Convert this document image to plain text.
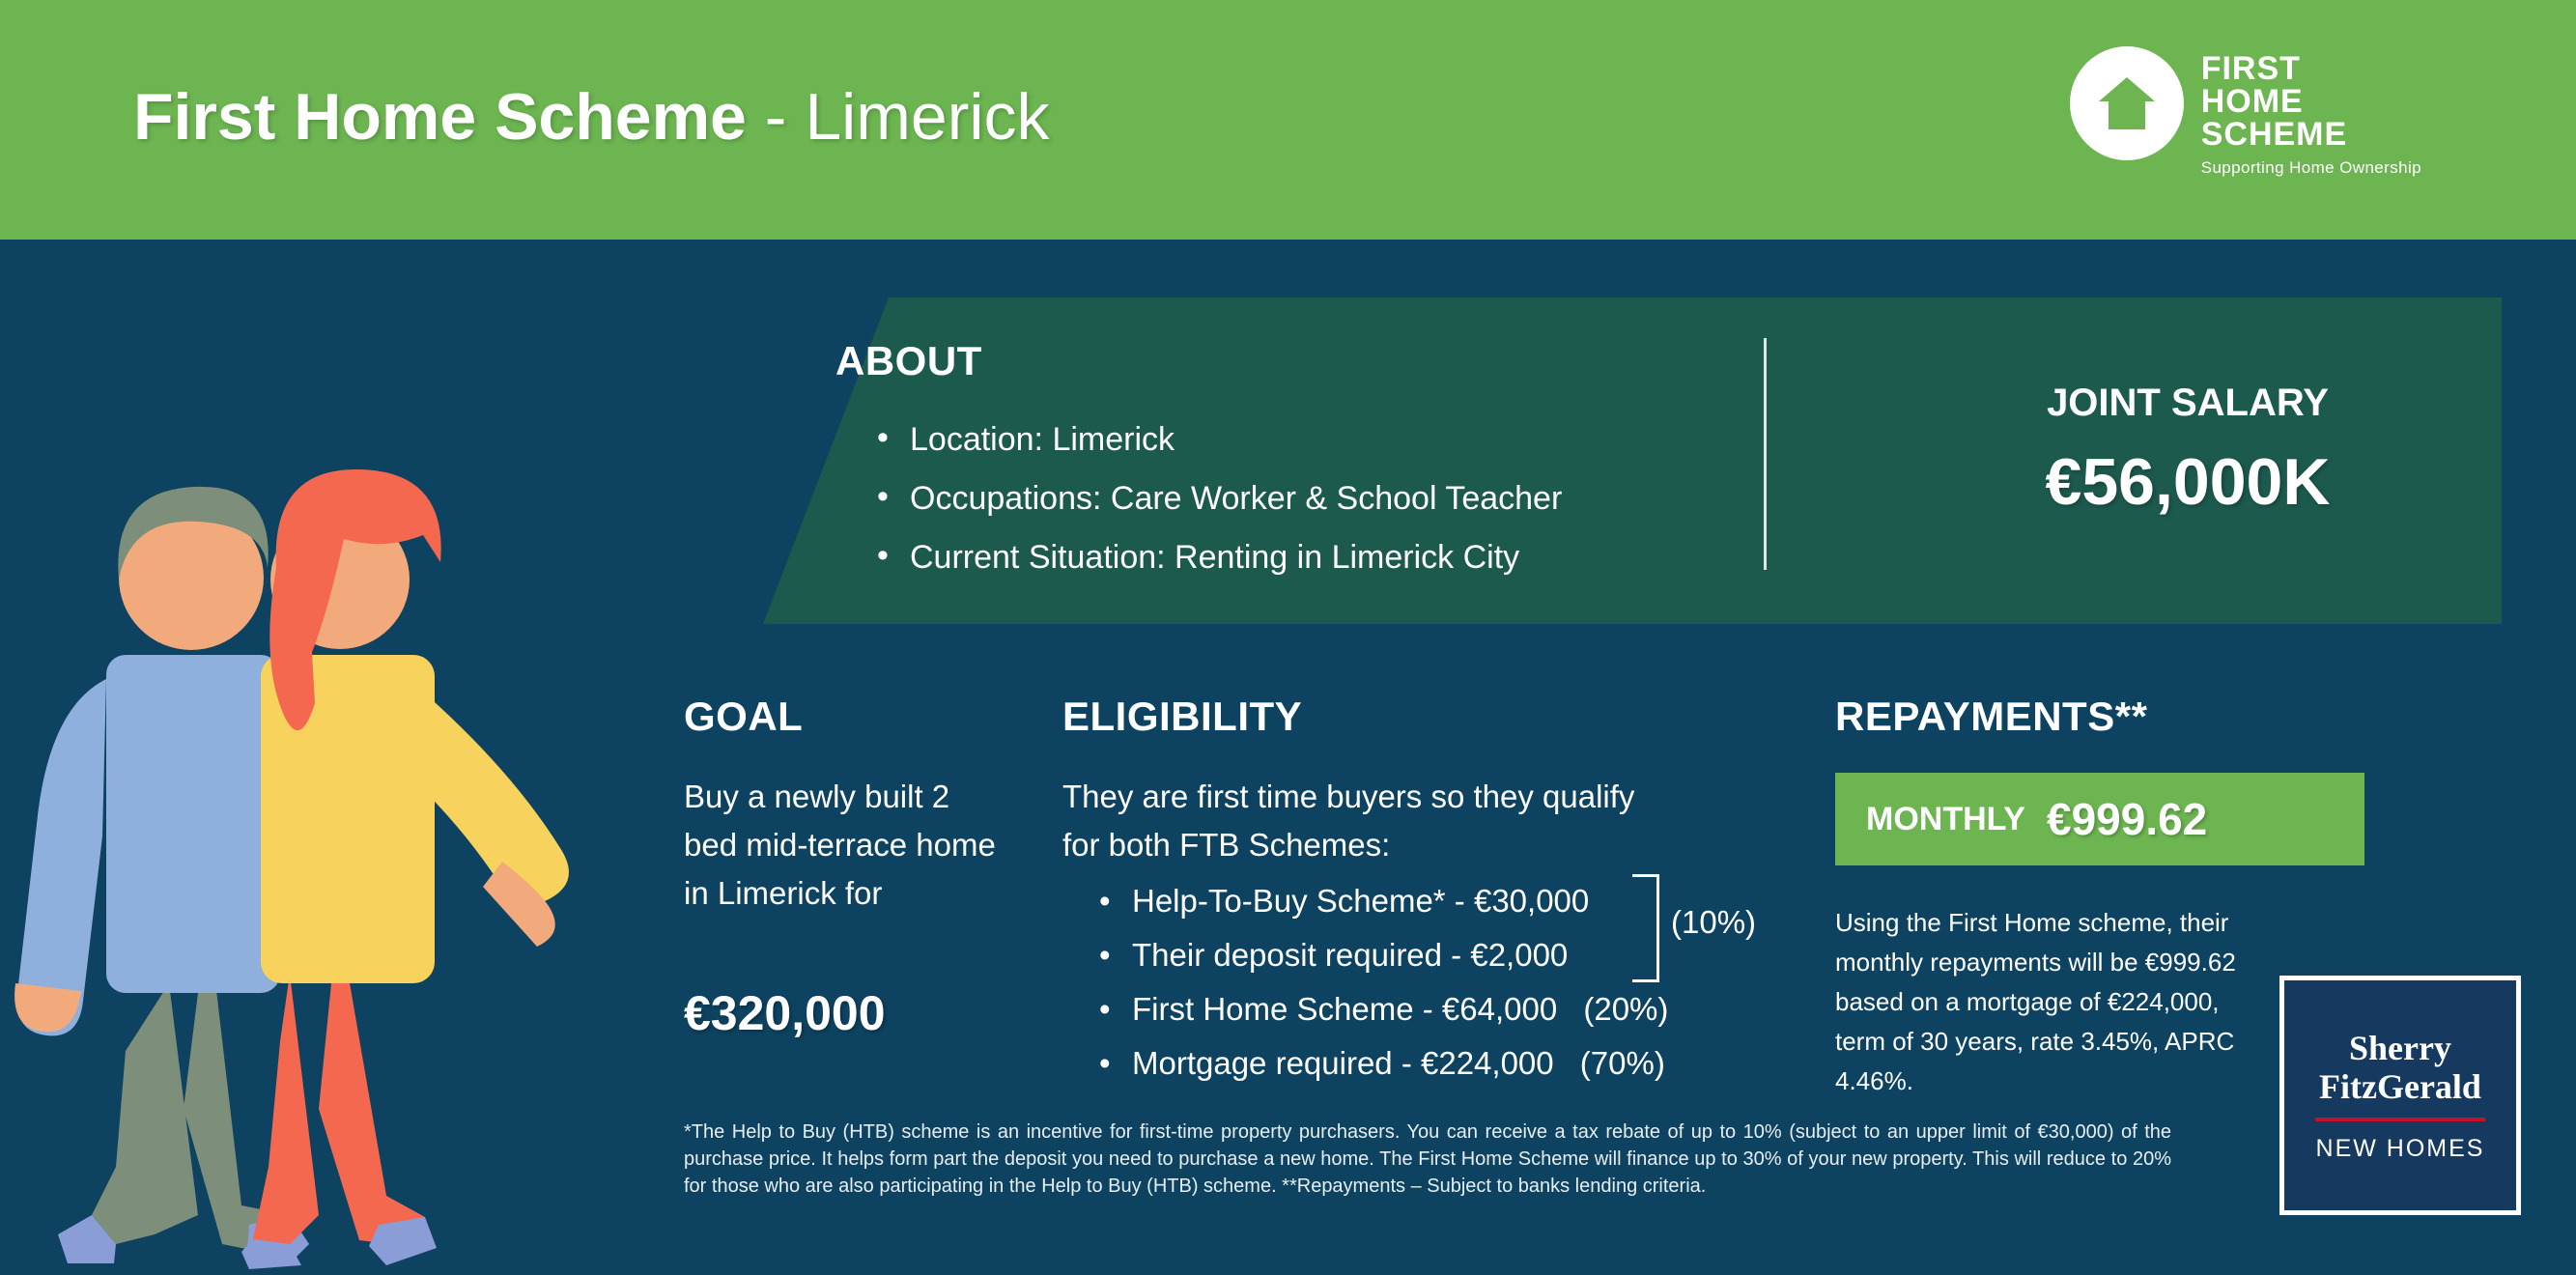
First Home Scheme - Limerick
FIRST
HOME
SCHEME
Supporting Home Ownership
ABOUT
• Location: Limerick
• Occupations: Care Worker & School Teacher
• Current Situation: Renting in Limerick City
JOINT SALARY
€56,000K
GOAL
Buy a newly built 2 bed mid-terrace home in Limerick for
€320,000
ELIGIBILITY
They are first time buyers so they qualify for both FTB Schemes:
• Help-To-Buy Scheme* - €30,000
• Their deposit required - €2,000
• First Home Scheme - €64,000 (20%)
• Mortgage required - €224,000 (70%)
(10%)
REPAYMENTS**
MONTHLY €999.62
Using the First Home scheme, their monthly repayments will be €999.62 based on a mortgage of €224,000, term of 30 years, rate 3.45%, APRC 4.46%.
Sherry
FitzGerald
NEW HOMES
*The Help to Buy (HTB) scheme is an incentive for first-time property purchasers. You can receive a tax rebate of up to 10% (subject to an upper limit of €30,000) of the purchase price. It helps form part the deposit you need to purchase a new home. The First Home Scheme will finance up to 30% of your new property. This will reduce to 20% for those who are also participating in the Help to Buy (HTB) scheme. **Repayments – Subject to banks lending criteria.
